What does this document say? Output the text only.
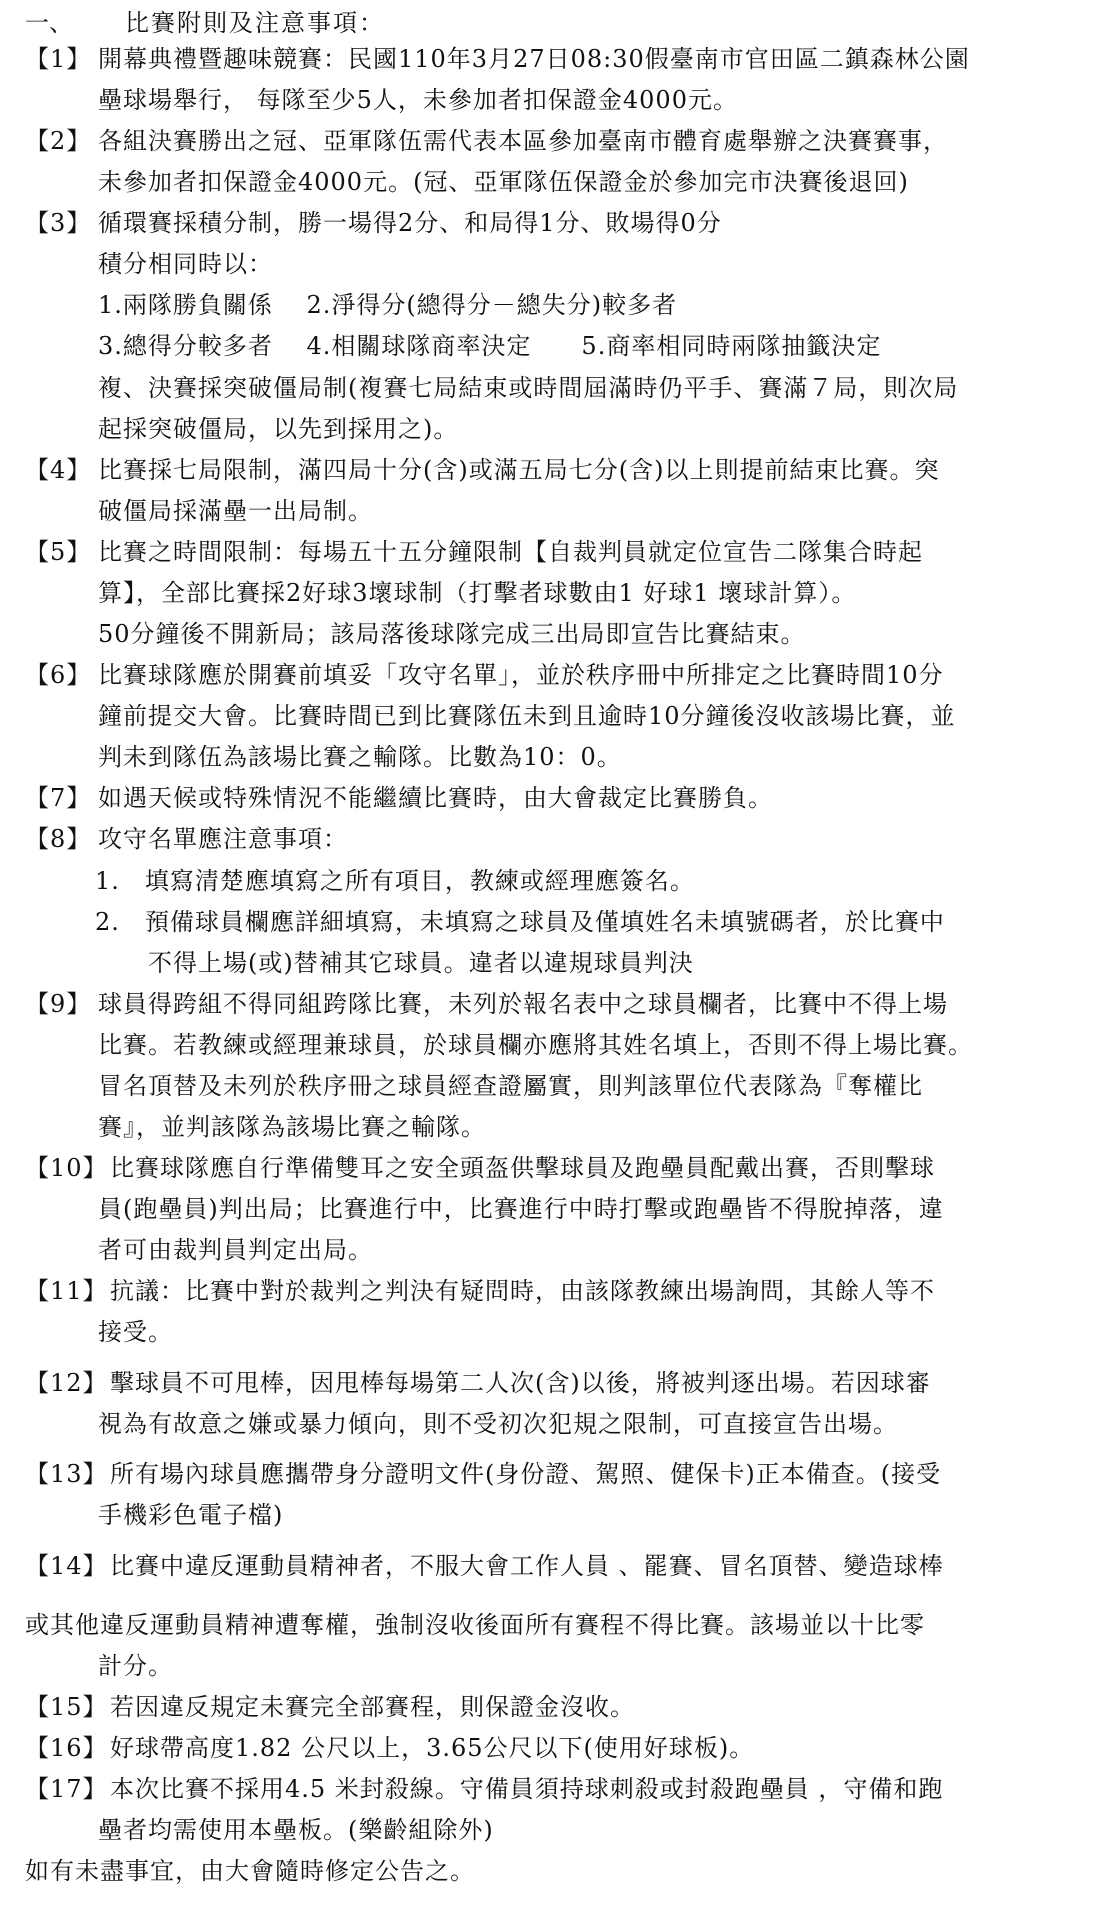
一、 比賽附則及注意事項：
【1】 開幕典禮暨趣味競賽：民國110年3月27日08:30假臺南市官田區二鎮森林公園
壘球場舉行， 每隊至少5人，未參加者扣保證金4000元。
【2】 各組決賽勝出之冠、亞軍隊伍需代表本區參加臺南市體育處舉辦之決賽賽事，
未參加者扣保證金4000元。(冠、亞軍隊伍保證金於參加完市決賽後退回)
【3】 循環賽採積分制，勝一場得2分、和局得1分、敗場得0分
積分相同時以：
1.兩隊勝負關係　 2.淨得分(總得分－總失分)較多者
3.總得分較多者　 4.相關球隊商率決定　　5.商率相同時兩隊抽籤決定
複、決賽採突破僵局制(複賽七局結束或時間屆滿時仍平手、賽滿７局，則次局
起採突破僵局，以先到採用之)。
【4】 比賽採七局限制，滿四局十分(含)或滿五局七分(含)以上則提前結束比賽。突
破僵局採滿壘一出局制。
【5】 比賽之時間限制：每場五十五分鐘限制【自裁判員就定位宣告二隊集合時起
算】，全部比賽採2好球3壞球制（打擊者球數由1 好球1 壞球計算）。
50分鐘後不開新局；該局落後球隊完成三出局即宣告比賽結束。
【6】 比賽球隊應於開賽前填妥「攻守名單」，並於秩序冊中所排定之比賽時間10分
鐘前提交大會。比賽時間已到比賽隊伍未到且逾時10分鐘後沒收該場比賽，並
判未到隊伍為該場比賽之輸隊。比數為10：0。
【7】 如遇天候或特殊情況不能繼續比賽時，由大會裁定比賽勝負。
【8】 攻守名單應注意事項：
1.　填寫清楚應填寫之所有項目，教練或經理應簽名。
2.　預備球員欄應詳細填寫，未填寫之球員及僅填姓名未填號碼者，於比賽中
不得上場(或)替補其它球員。違者以違規球員判決
【9】 球員得跨組不得同組跨隊比賽，未列於報名表中之球員欄者，比賽中不得上場
比賽。若教練或經理兼球員，於球員欄亦應將其姓名填上，否則不得上場比賽。
冒名頂替及未列於秩序冊之球員經查證屬實，則判該單位代表隊為『奪權比
賽』，並判該隊為該場比賽之輸隊。
【10】 比賽球隊應自行準備雙耳之安全頭盔供擊球員及跑壘員配戴出賽，否則擊球
員(跑壘員)判出局；比賽進行中，比賽進行中時打擊或跑壘皆不得脫掉落，違
者可由裁判員判定出局。
【11】 抗議：比賽中對於裁判之判決有疑問時，由該隊教練出場詢問，其餘人等不
接受。
【12】 擊球員不可甩棒，因甩棒每場第二人次(含)以後，將被判逐出場。若因球審
視為有故意之嫌或暴力傾向，則不受初次犯規之限制，可直接宣告出場。
【13】 所有場內球員應攜帶身分證明文件(身份證、駕照、健保卡)正本備查。(接受
手機彩色電子檔)
【14】 比賽中違反運動員精神者，不服大會工作人員 、罷賽、冒名頂替、變造球棒
或其他違反運動員精神遭奪權，強制沒收後面所有賽程不得比賽。該場並以十比零
計分。
【15】 若因違反規定未賽完全部賽程，則保證金沒收。
【16】 好球帶高度1.82 公尺以上，3.65公尺以下(使用好球板)。
【17】 本次比賽不採用4.5 米封殺線。守備員須持球刺殺或封殺跑壘員 ，守備和跑
壘者均需使用本壘板。(樂齡組除外)
如有未盡事宜，由大會隨時修定公告之。
